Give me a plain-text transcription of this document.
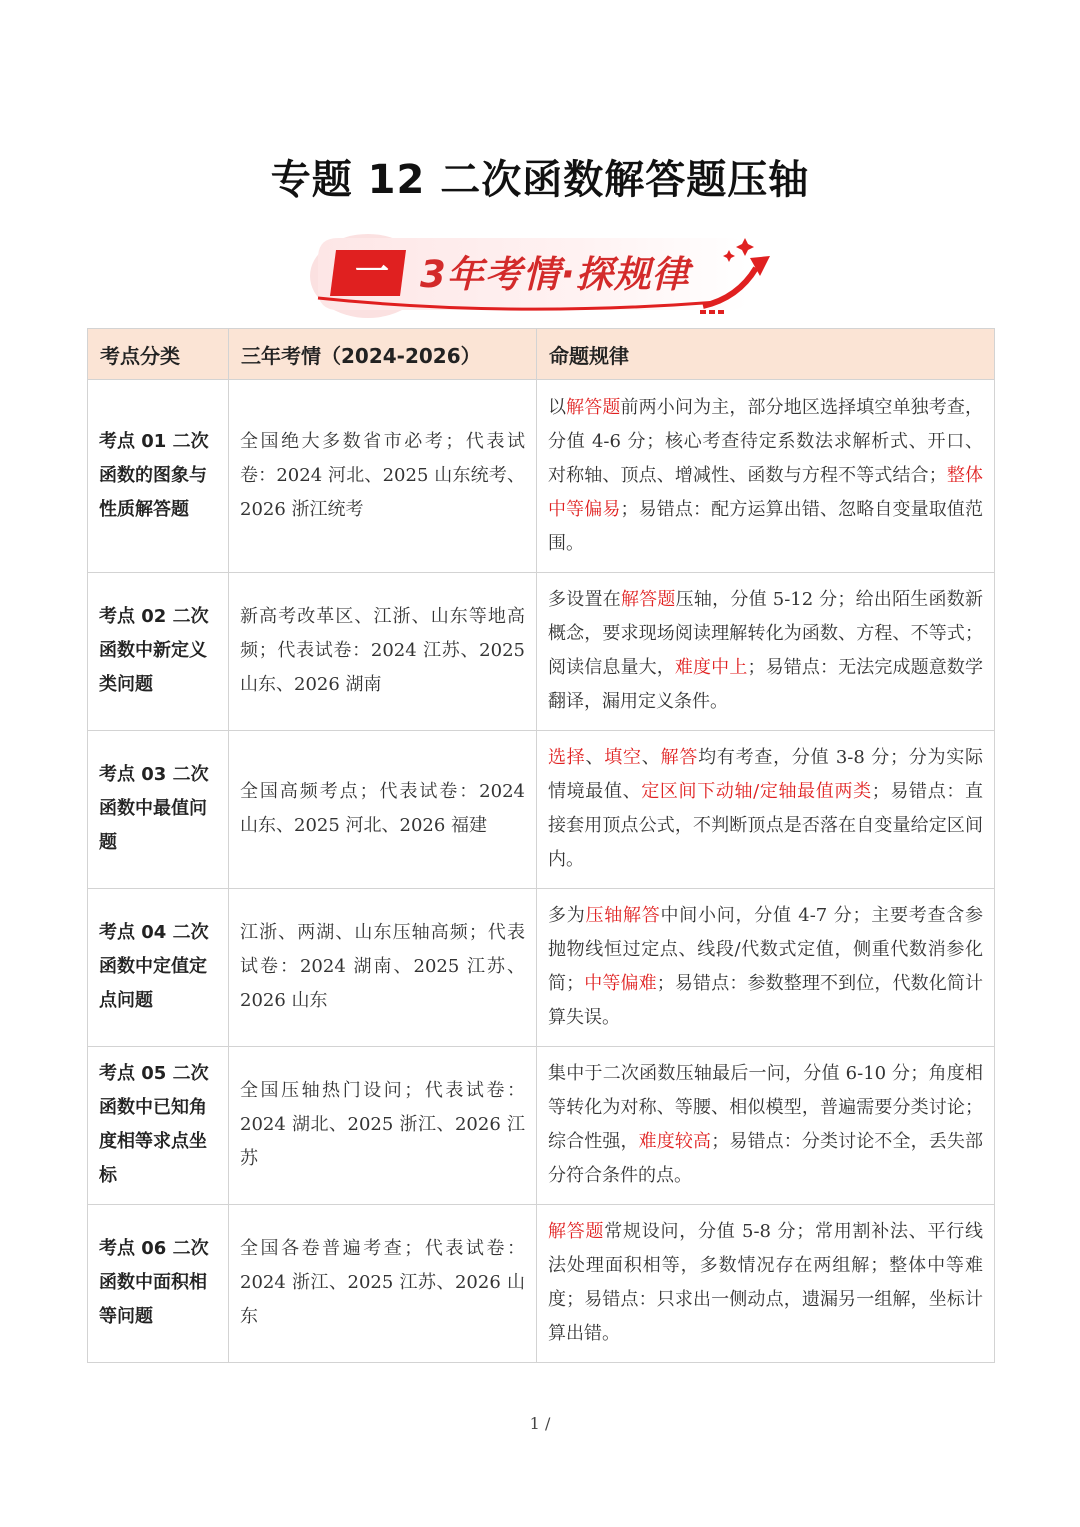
专题 12 二次函数解答题压轴
一 3年考情·探规律
考点分类	三年考情（2024-2026）	命题规律
考点 01 二次函数的图象与性质解答题	全国绝大多数省市必考；代表试卷：2024 河北、2025 山东统考、2026 浙江统考	以解答题前两小问为主，部分地区选择填空单独考查，分值 4-6 分；核心考查待定系数法求解析式、开口、对称轴、顶点、增减性、函数与方程不等式结合；整体中等偏易；易错点：配方运算出错、忽略自变量取值范围。
考点 02 二次函数中新定义类问题	新高考改革区、江浙、山东等地高频；代表试卷：2024 江苏、2025 山东、2026 湖南	多设置在解答题压轴，分值 5-12 分；给出陌生函数新概念，要求现场阅读理解转化为函数、方程、不等式；阅读信息量大，难度中上；易错点：无法完成题意数学翻译，漏用定义条件。
考点 03 二次函数中最值问题	全国高频考点；代表试卷：2024 山东、2025 河北、2026 福建	选择、填空、解答均有考查，分值 3-8 分；分为实际情境最值、定区间下动轴/定轴最值两类；易错点：直接套用顶点公式，不判断顶点是否落在自变量给定区间内。
考点 04 二次函数中定值定点问题	江浙、两湖、山东压轴高频；代表试卷：2024 湖南、2025 江苏、2026 山东	多为压轴解答中间小问，分值 4-7 分；主要考查含参抛物线恒过定点、线段/代数式定值，侧重代数消参化简；中等偏难；易错点：参数整理不到位，代数化简计算失误。
考点 05 二次函数中已知角度相等求点坐标	全国压轴热门设问；代表试卷：2024 湖北、2025 浙江、2026 江苏	集中于二次函数压轴最后一问，分值 6-10 分；角度相等转化为对称、等腰、相似模型，普遍需要分类讨论；综合性强，难度较高；易错点：分类讨论不全，丢失部分符合条件的点。
考点 06 二次函数中面积相等问题	全国各卷普遍考查；代表试卷：2024 浙江、2025 江苏、2026 山东	解答题常规设问，分值 5-8 分；常用割补法、平行线法处理面积相等，多数情况存在两组解；整体中等难度；易错点：只求出一侧动点，遗漏另一组解，坐标计算出错。
1 /
